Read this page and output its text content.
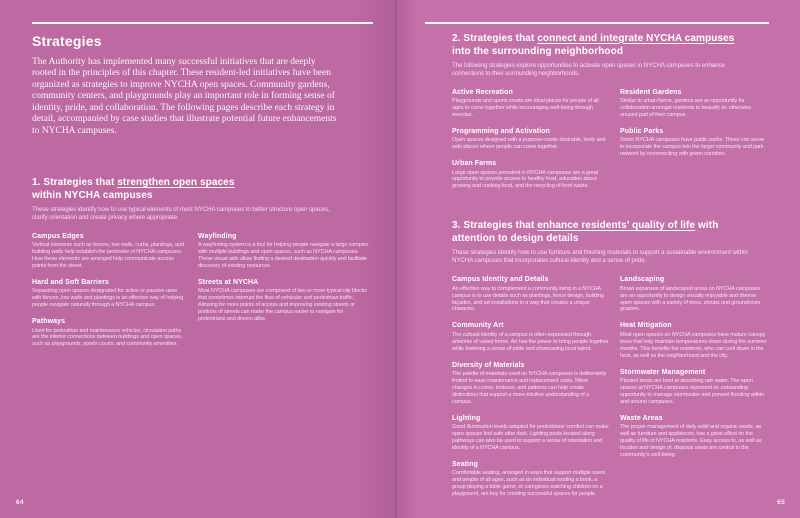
Strategies

The Authority has implemented many successful initiatives that are deeply rooted in the principles of this chapter. These resident-led initiatives have been organized as strategies to improve NYCHA open spaces. Community gardens, community centers, and playgrounds play an important role in forming sense of identity, pride, and collaboration. The following pages describe each strategy in detail, accompanied by case studies that illustrate potential future enhancements to NYCHA campuses.

1. Strategies that strengthen open spaces
within NYCHA campuses

These strategies identify how to use typical elements of most NYCHA campuses to better structure open spaces, clarify orientation and create privacy where appropriate.

Campus Edges

Vertical elements such as fences, low walls, curbs, plantings, and building walls help establish the perimeter of NYCHA campuses. How these elements are arranged help communicate access points from the street.

Hard and Soft Barriers

Separating open spaces designated for active or passive uses with fences, low walls and plantings is an effective way of helping people navigate naturally through a NYCHA campus.

Pathways

Used for pedestrian and maintenance vehicles, circulation paths are the interior connections between buildings and open spaces, such as playgrounds, sports courts, and community amenities.

Wayfinding

A wayfinding system is a tool for helping people navigate a large complex with multiple buildings and open spaces, such as NYCHA campuses. These visual aids allow finding a desired destination quickly and facilitate discovery of existing resources.

Streets at NYCHA

Most NYCHA campuses are composed of two or more typical city blocks that sometimes interrupt the flow of vehicular and pedestrian traffic. Allowing for more points of access and improving existing streets or portions of streets can make the campus easier to navigate for pedestrians and drivers alike.

64
2. Strategies that connect and integrate NYCHA campuses
into the surrounding neighborhood

The following strategies explore opportunities to activate open spaces in NYCHA campuses to enhance connections to their surrounding neighborhoods.

Active Recreation

Playgrounds and sports courts are ideal places for people of all ages to come together while encouraging well-being through exercise.

Programming and Activation

Open spaces designed with a purpose create desirable, lively and safe places where people can come together.

Urban Farms

Large open spaces prevalent in NYCHA campuses are a great opportunity to provide access to healthy food, education about growing and cooking food, and the recycling of food waste.

Resident Gardens

Similar to urban farms, gardens are an opportunity for collaboration amongst residents to beautify an otherwise unused part of their campus.

Public Parks

Some NYCHA campuses have public parks. These can serve to incorporate the campus into the larger community and park network by reconnecting with green corridors.

3. Strategies that enhance residents’ quality of life with
attention to design details

These strategies identify how to use furniture and finishing materials to support a sustainable environment within NYCHA campuses that incorporates cultural identity and a sense of pride.

Campus Identity and Details

An effective way to complement a community living in a NYCHA campus is to use details such as plantings, fence design, building façades, and art installations in a way that creates a unique character.

Community Art

The cultural identity of a campus is often expressed through artworks of varied forms. Art has the power to bring people together while fostering a sense of pride and showcasing local talent.

Diversity of Materials

The palette of materials used on NYCHA campuses is deliberately limited to ease maintenance and replacement costs. Minor changes in colors, textures, and patterns can help create distinctions that support a more intuitive understanding of a campus.

Lighting

Good illumination levels adapted for pedestrians’ comfort can make open spaces feel safe after dark. Lighting posts located along pathways can also be used to support a sense of orientation and identity of a NYCHA campus.

Seating

Comfortable seating, arranged in ways that support multiple users and people of all ages, such as an individual reading a book, a group playing a table game, or caregivers watching children on a playground, are key for creating successful spaces for people.

Landscaping

Broad expanses of landscaped areas on NYCHA campuses are an opportunity to design visually enjoyable and diverse open spaces with a variety of trees, shrubs and groundcover grasses.

Heat Mitigation

Most open spaces on NYCHA campuses have mature canopy trees that help maintain temperatures down during the summer months. This benefits the residents, who can cool down in the heat, as well as the neighborhood and the city.

Stormwater Management

Planted areas are best at absorbing rain water. The open spaces at NYCHA campuses represent an outstanding opportunity to manage stormwater and prevent flooding within and around campuses.

Waste Areas

The proper management of daily solid and organic waste, as well as furniture and appliances, has a great effect on the quality of life of NYCHA residents. Easy access to, as well as location and design of, disposal areas are central to the community’s well-being.

65
